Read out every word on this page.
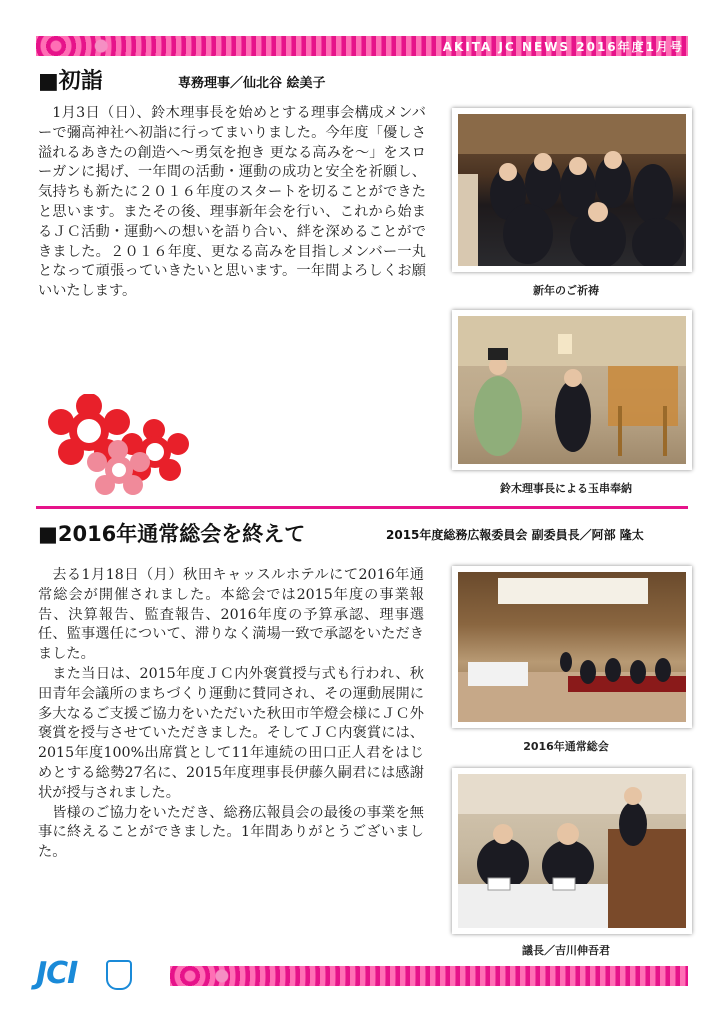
AKITA JC NEWS 2016年度1月号
■初詣	専務理事／仙北谷 絵美子

1月3日（日）、鈴木理事長を始めとする理事会構成メンバーで彌高神社へ初詣に行ってまいりました。今年度「優しさ溢れるあきたの創造へ〜勇気を抱き 更なる高みを〜」をスローガンに掲げ、一年間の活動・運動の成功と安全を祈願し、気持ちも新たに２０１６年度のスタートを切ることができたと思います。またその後、理事新年会を行い、これから始まるＪＣ活動・運動への想いを語り合い、絆を深めることができました。２０１６年度、更なる高みを目指しメンバー一丸となって頑張っていきたいと思います。一年間よろしくお願いいたします。	新年のご祈祷
鈴木理事長による玉串奉納
■2016年通常総会を終えて	2015年度総務広報委員会 副委員長／阿部 隆太
去る1月18日（月）秋田キャッスルホテルにて2016年通常総会が開催されました。本総会では2015年度の事業報告、決算報告、監査報告、2016年度の予算承認、理事選任、監事選任について、滞りなく満場一致で承認をいただきました。
また当日は、2015年度ＪＣ内外褒賞授与式も行われ、秋田青年会議所のまちづくり運動に賛同され、その運動展開に多大なるご支援ご協力をいただいた秋田市竿燈会様にＪＣ外褒賞を授与させていただきました。そしてＪＣ内褒賞には、2015年度100%出席賞として11年連続の田口正人君をはじめとする総勢27名に、2015年度理事長伊藤久嗣君には感謝状が授与されました。
皆様のご協力をいただき、総務広報員会の最後の事業を無事に終えることができました。1年間ありがとうございました。
2016年通常総会
議長／吉川伸吾君
JCI
